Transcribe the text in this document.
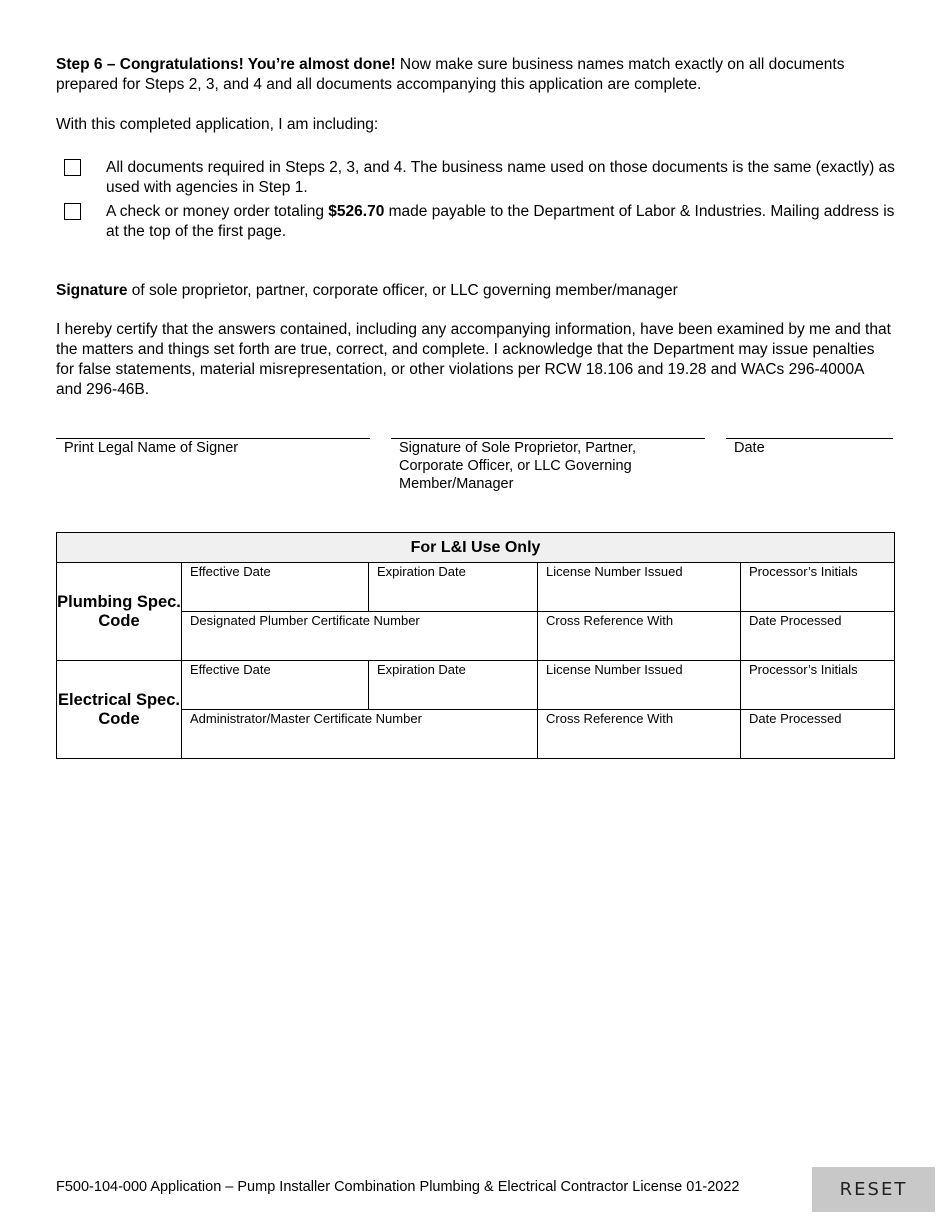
Step 6 – Congratulations! You’re almost done! Now make sure business names match exactly on all documents prepared for Steps 2, 3, and 4 and all documents accompanying this application are complete.
With this completed application, I am including:
All documents required in Steps 2, 3, and 4. The business name used on those documents is the same (exactly) as used with agencies in Step 1.
A check or money order totaling $526.70 made payable to the Department of Labor & Industries. Mailing address is at the top of the first page.
Signature of sole proprietor, partner, corporate officer, or LLC governing member/manager
I hereby certify that the answers contained, including any accompanying information, have been examined by me and that the matters and things set forth are true, correct, and complete. I acknowledge that the Department may issue penalties for false statements, material misrepresentation, or other violations per RCW 18.106 and 19.28 and WACs 296-4000A and 296-46B.
Print Legal Name of Signer	Signature of Sole Proprietor, Partner, Corporate Officer, or LLC Governing Member/Manager
Date
For L&I Use Only				
Plumbing Spec. Code	Effective Date	Expiration Date	License Number Issued	Processor’s Initials

	Designated Plumber Certificate Number		Cross Reference With	Date Processed

Electrical Spec. Code	Effective Date	Expiration Date	License Number Issued	Processor’s Initials

	Administrator/Master Certificate Number		Cross Reference With	Date Processed
F500-104-000 Application – Pump Installer Combination Plumbing & Electrical Contractor License 01-2022	RESET
